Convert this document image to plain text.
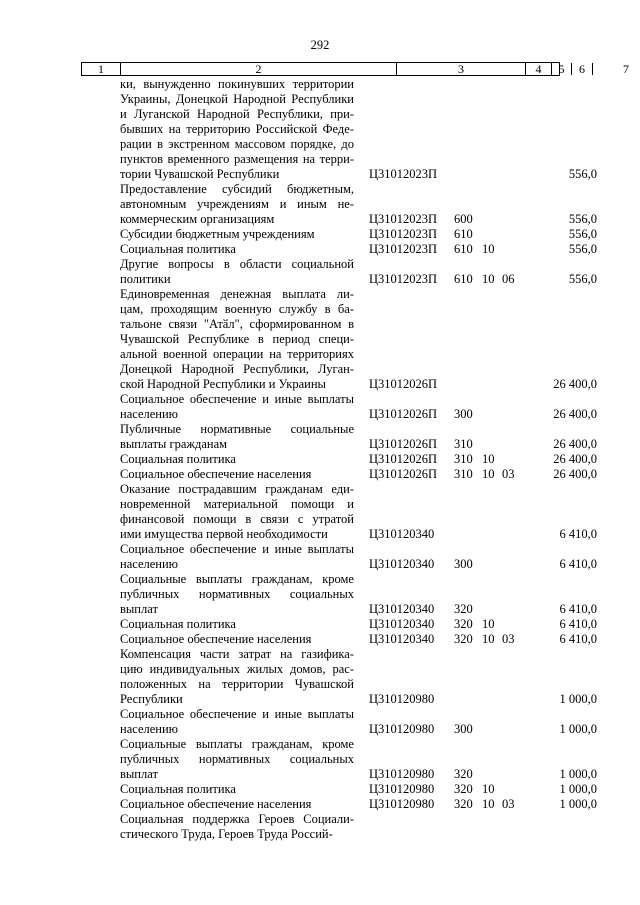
292
1	2	3	4	5	6	7
ки, вынужденно покинувших территории
Украины, Донецкой Народной Республики
и Луганской Народной Республики, при-
бывших на территорию Российской Феде-
рации в экстренном массовом порядке, до
пунктов временного размещения на терри-
тории Чувашской Республики	Ц31012023П	556,0
Предоставление субсидий бюджетным,
автономным учреждениям и иным не-
коммерческим организациям	Ц31012023П 600	556,0
Субсидии бюджетным учреждениям	Ц31012023П 610	556,0
Социальная политика	Ц31012023П 610 10	556,0
Другие вопросы в области социальной
политики	Ц31012023П 610 10 06	556,0
Единовременная денежная выплата ли-
цам, проходящим военную службу в ба-
тальоне связи "Атӑл", сформированном в
Чувашской Республике в период специ-
альной военной операции на территориях
Донецкой Народной Республики, Луган-
ской Народной Республики и Украины	Ц31012026П	26 400,0
Социальное обеспечение и иные выплаты
населению	Ц31012026П 300	26 400,0
Публичные нормативные социальные
выплаты гражданам	Ц31012026П 310	26 400,0
Социальная политика	Ц31012026П 310 10	26 400,0
Социальное обеспечение населения	Ц31012026П 310 10 03	26 400,0
Оказание пострадавшим гражданам еди-
новременной материальной помощи и
финансовой помощи в связи с утратой
ими имущества первой необходимости	Ц310120340	6 410,0
Социальное обеспечение и иные выплаты
населению	Ц310120340 300	6 410,0
Социальные выплаты гражданам, кроме
публичных нормативных социальных
выплат	Ц310120340 320	6 410,0
Социальная политика	Ц310120340 320 10	6 410,0
Социальное обеспечение населения	Ц310120340 320 10 03	6 410,0
Компенсация части затрат на газифика-
цию индивидуальных жилых домов, рас-
положенных на территории Чувашской
Республики	Ц310120980	1 000,0
Социальное обеспечение и иные выплаты
населению	Ц310120980 300	1 000,0
Социальные выплаты гражданам, кроме
публичных нормативных социальных
выплат	Ц310120980 320	1 000,0
Социальная политика	Ц310120980 320 10	1 000,0
Социальное обеспечение населения	Ц310120980 320 10 03	1 000,0
Социальная поддержка Героев Социали-
стического Труда, Героев Труда Россий-
